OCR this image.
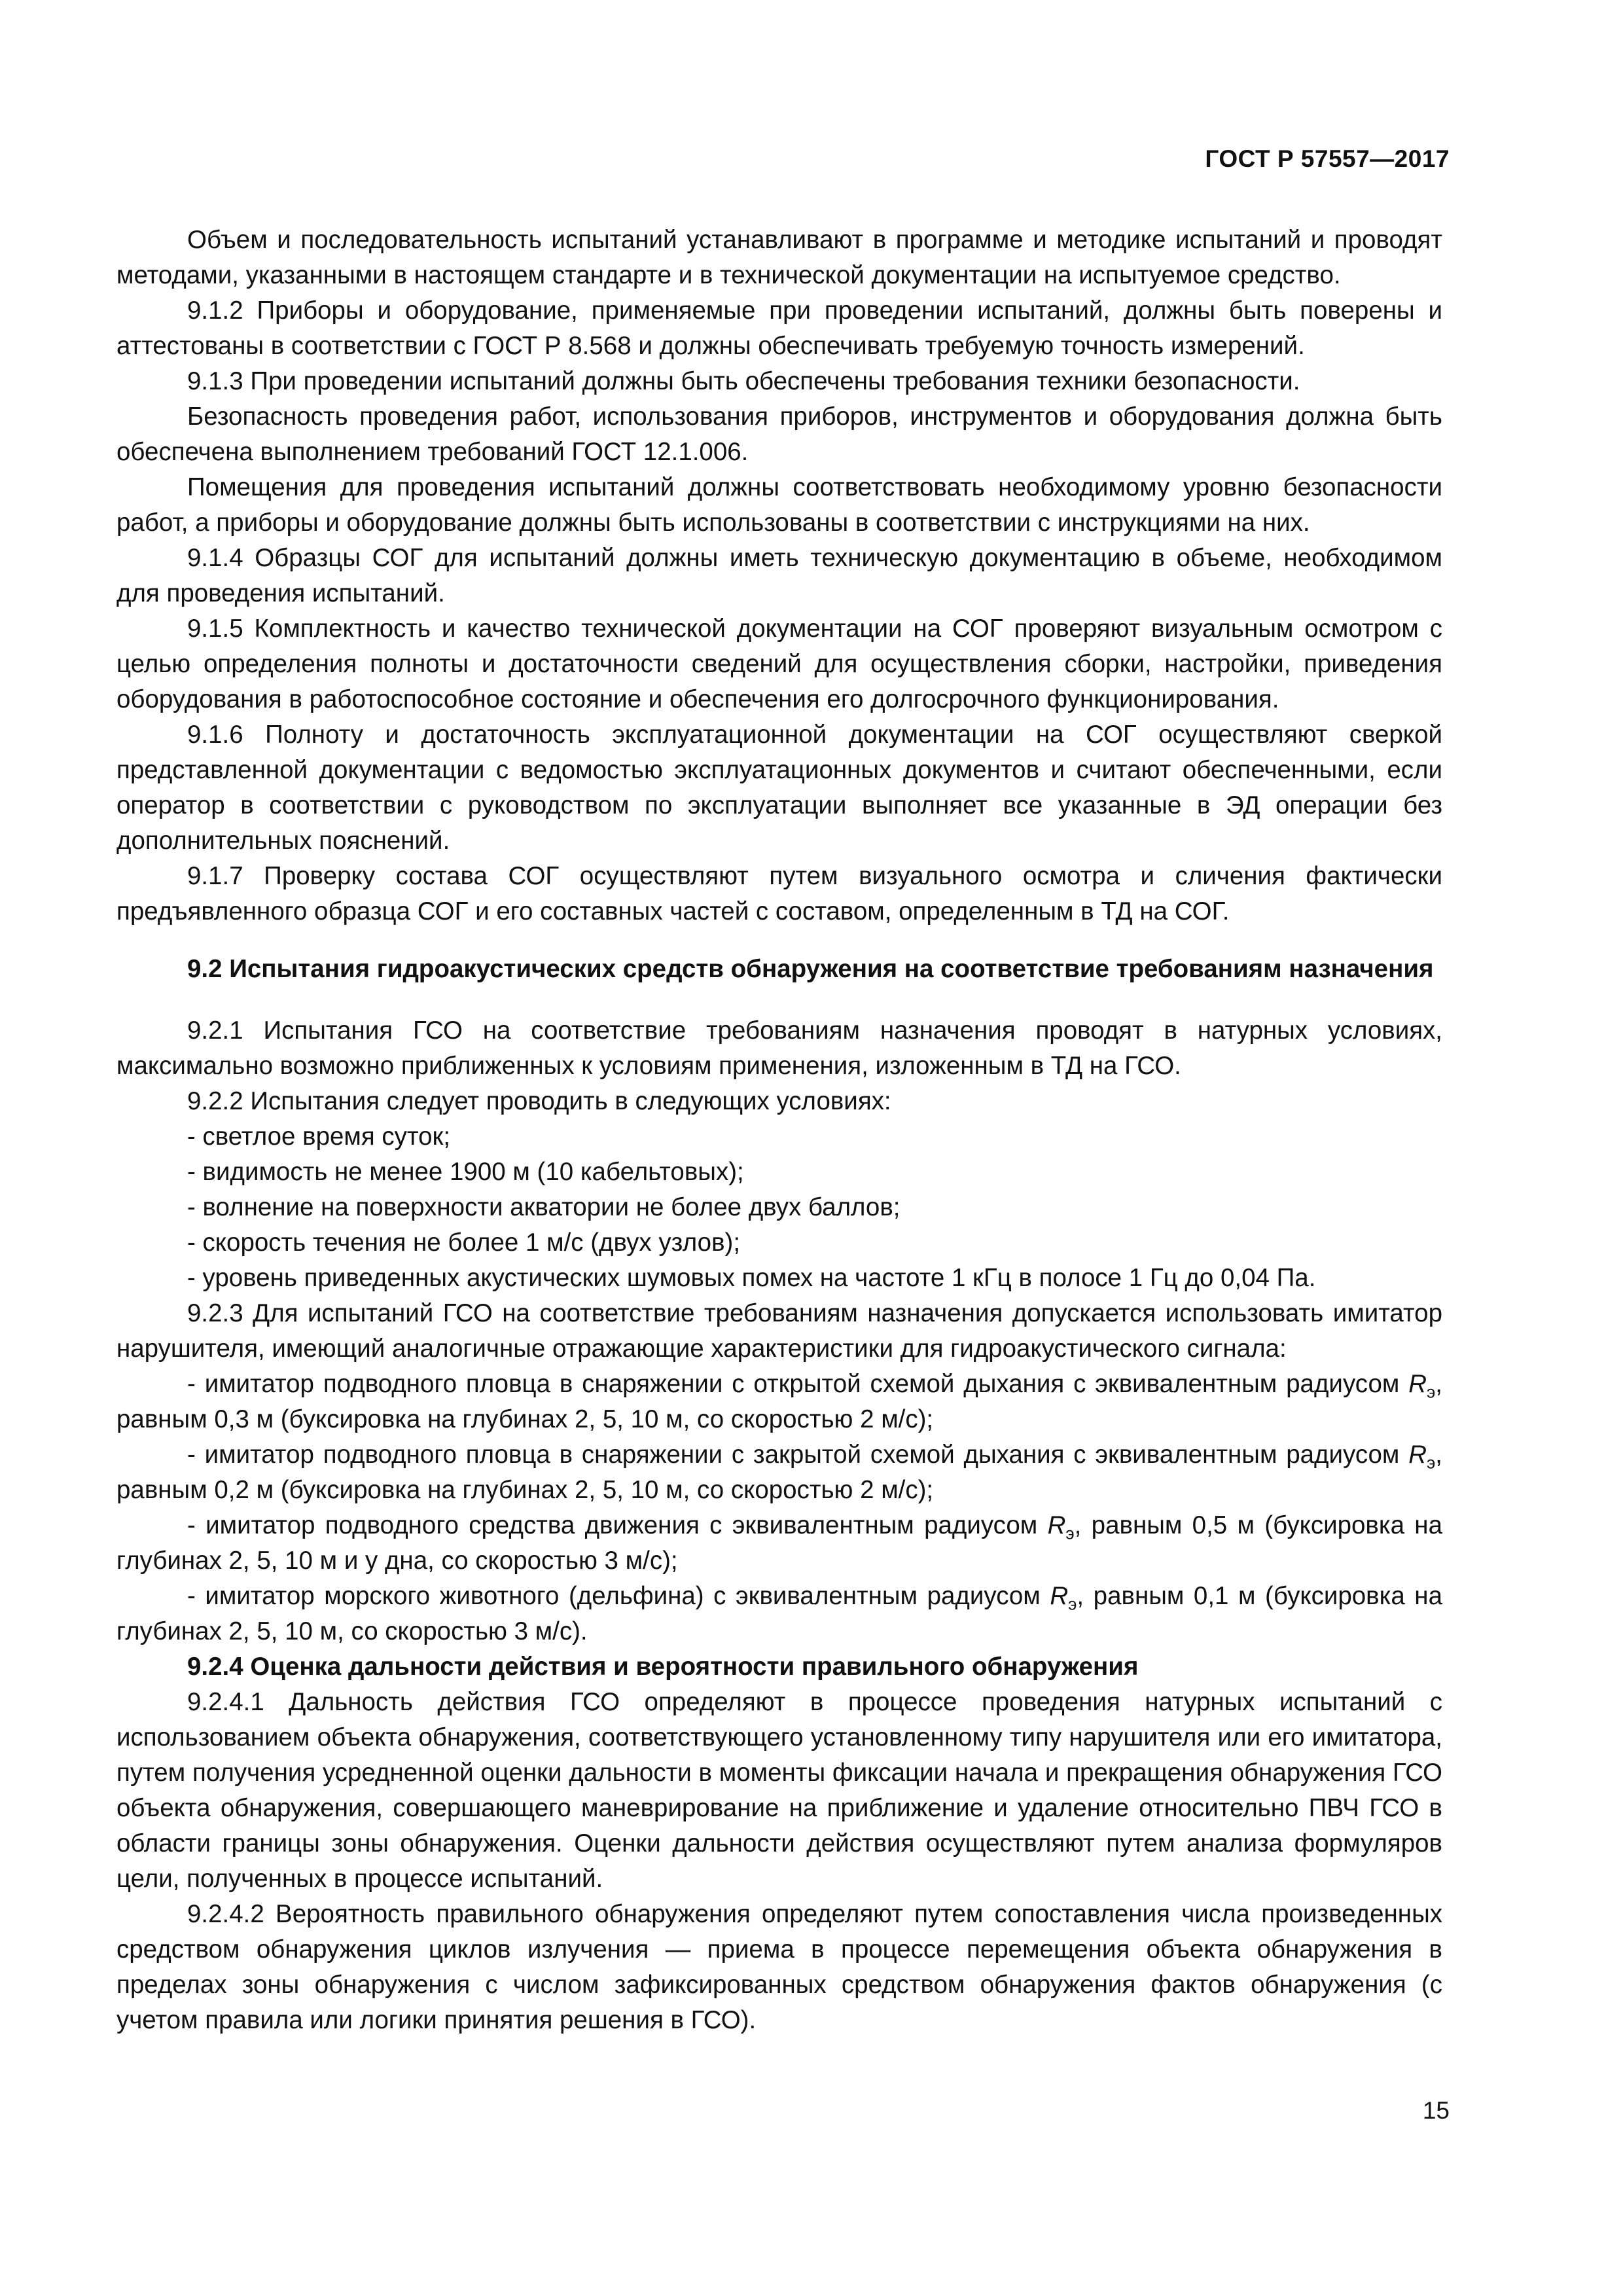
ГОСТ Р 57557—2017

Объем и последовательность испытаний устанавливают в программе и методике испытаний и проводят методами, указанными в настоящем стандарте и в технической документации на испытуемое средство.

9.1.2 Приборы и оборудование, применяемые при проведении испытаний, должны быть поверены и аттестованы в соответствии с ГОСТ Р 8.568 и должны обеспечивать требуемую точность измерений.

9.1.3 При проведении испытаний должны быть обеспечены требования техники безопасности.

Безопасность проведения работ, использования приборов, инструментов и оборудования должна быть обеспечена выполнением требований ГОСТ 12.1.006.

Помещения для проведения испытаний должны соответствовать необходимому уровню безопасности работ, а приборы и оборудование должны быть использованы в соответствии с инструкциями на них.

9.1.4 Образцы СОГ для испытаний должны иметь техническую документацию в объеме, необходимом для проведения испытаний.

9.1.5 Комплектность и качество технической документации на СОГ проверяют визуальным осмотром с целью определения полноты и достаточности сведений для осуществления сборки, настройки, приведения оборудования в работоспособное состояние и обеспечения его долгосрочного функционирования.

9.1.6 Полноту и достаточность эксплуатационной документации на СОГ осуществляют сверкой представленной документации с ведомостью эксплуатационных документов и считают обеспеченными, если оператор в соответствии с руководством по эксплуатации выполняет все указанные в ЭД операции без дополнительных пояснений.

9.1.7 Проверку состава СОГ осуществляют путем визуального осмотра и сличения фактически предъявленного образца СОГ и его составных частей с составом, определенным в ТД на СОГ.

9.2 Испытания гидроакустических средств обнаружения на соответствие требованиям назначения

9.2.1 Испытания ГСО на соответствие требованиям назначения проводят в натурных условиях, максимально возможно приближенных к условиям применения, изложенным в ТД на ГСО.

9.2.2 Испытания следует проводить в следующих условиях:

- светлое время суток;

- видимость не менее 1900 м (10 кабельтовых);

- волнение на поверхности акватории не более двух баллов;

- скорость течения не более 1 м/с (двух узлов);

- уровень приведенных акустических шумовых помех на частоте 1 кГц в полосе 1 Гц до 0,04 Па.

9.2.3 Для испытаний ГСО на соответствие требованиям назначения допускается использовать имитатор нарушителя, имеющий аналогичные отражающие характеристики для гидроакустического сигнала:

- имитатор подводного пловца в снаряжении с открытой схемой дыхания с эквивалентным радиусом $R_э$, равным 0,3 м (буксировка на глубинах 2, 5, 10 м, со скоростью 2 м/с);

- имитатор подводного пловца в снаряжении с закрытой схемой дыхания с эквивалентным радиусом $R_э$, равным 0,2 м (буксировка на глубинах 2, 5, 10 м, со скоростью 2 м/с);

- имитатор подводного средства движения с эквивалентным радиусом $R_э$, равным 0,5 м (буксировка на глубинах 2, 5, 10 м и у дна, со скоростью 3 м/с);

- имитатор морского животного (дельфина) с эквивалентным радиусом $R_э$, равным 0,1 м (буксировка на глубинах 2, 5, 10 м, со скоростью 3 м/с).

9.2.4 Оценка дальности действия и вероятности правильного обнаружения

9.2.4.1 Дальность действия ГСО определяют в процессе проведения натурных испытаний с использованием объекта обнаружения, соответствующего установленному типу нарушителя или его имитатора, путем получения усредненной оценки дальности в моменты фиксации начала и прекращения обнаружения ГСО объекта обнаружения, совершающего маневрирование на приближение и удаление относительно ПВЧ ГСО в области границы зоны обнаружения. Оценки дальности действия осуществляют путем анализа формуляров цели, полученных в процессе испытаний.

9.2.4.2 Вероятность правильного обнаружения определяют путем сопоставления числа произведенных средством обнаружения циклов излучения — приема в процессе перемещения объекта обнаружения в пределах зоны обнаружения с числом зафиксированных средством обнаружения фактов обнаружения (с учетом правила или логики принятия решения в ГСО).

15
